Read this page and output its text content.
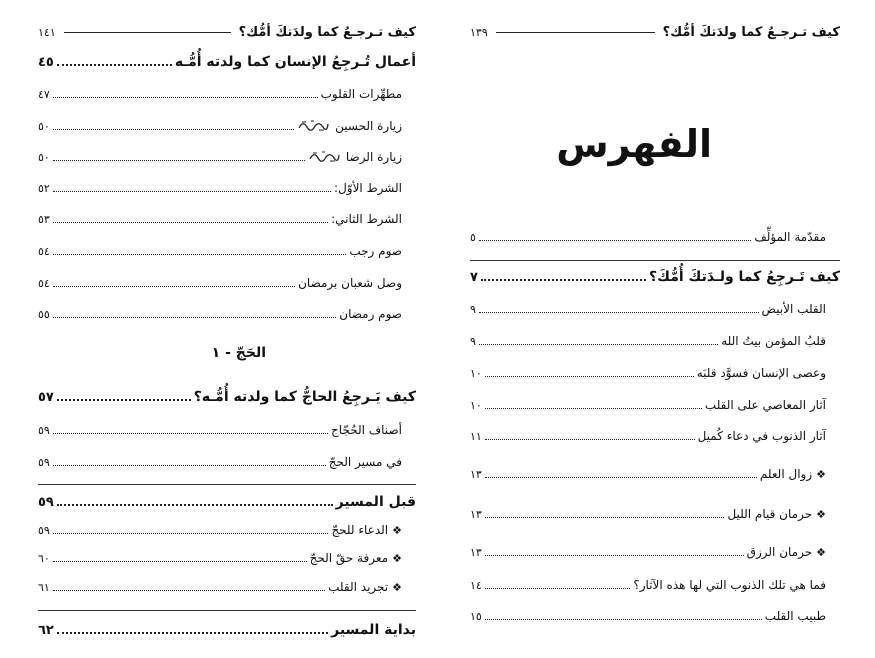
كيف تـرجـعُ كما ولدَتكَ أمُّك؟
١٤١
أعمال تُـرجِعُ الإنسان كما ولدته أُمُّـه
٤٥
مطهِّرات القلوب
٤٧
زيارة الحسين
٥٠
زيارة الرضا
٥٠
الشرط الأوّل:
٥٢
الشرط الثاني:
٥٣
صوم رجب
٥٤
وصل شعبان برمضان
٥٤
صوم رمضان
٥٥
الحَجّ - ١
كيف يَـرجِعُ الحاجُّ كما ولدته أُمُّـه؟
٥٧
أصناف الحُجّاج
٥٩
في مسير الحجّ
٥٩
قبل المسير
٥٩
❖الدعاء للحجّ
٥٩
❖معرفة حقّ الحجّ
٦٠
❖تجريد القلب
٦١
بداية المسير
٦٢
كيف تـرجـعُ كما ولدَتكَ أمُّك؟
١٣٩
الفهرس
مقدّمة المؤلِّف
٥
كيف تَـرجِعُ كما ولـدَتكَ أُمُّكَ؟
٧
القلب الأبيض
٩
قلبُ المؤمن بيتُ الله
٩
وعصى الإنسان فسوَّد قلبَه
١٠
آثار المعاصي على القلب
١٠
آثار الذنوب في دعاء كُميل
١١
❖زوال العلم
١٣
❖حرمان قيام الليل
١٣
❖حرمان الرزق
١٣
فما هي تلك الذنوب التي لها هذه الآثار؟
١٤
طبيب القلب
١٥
